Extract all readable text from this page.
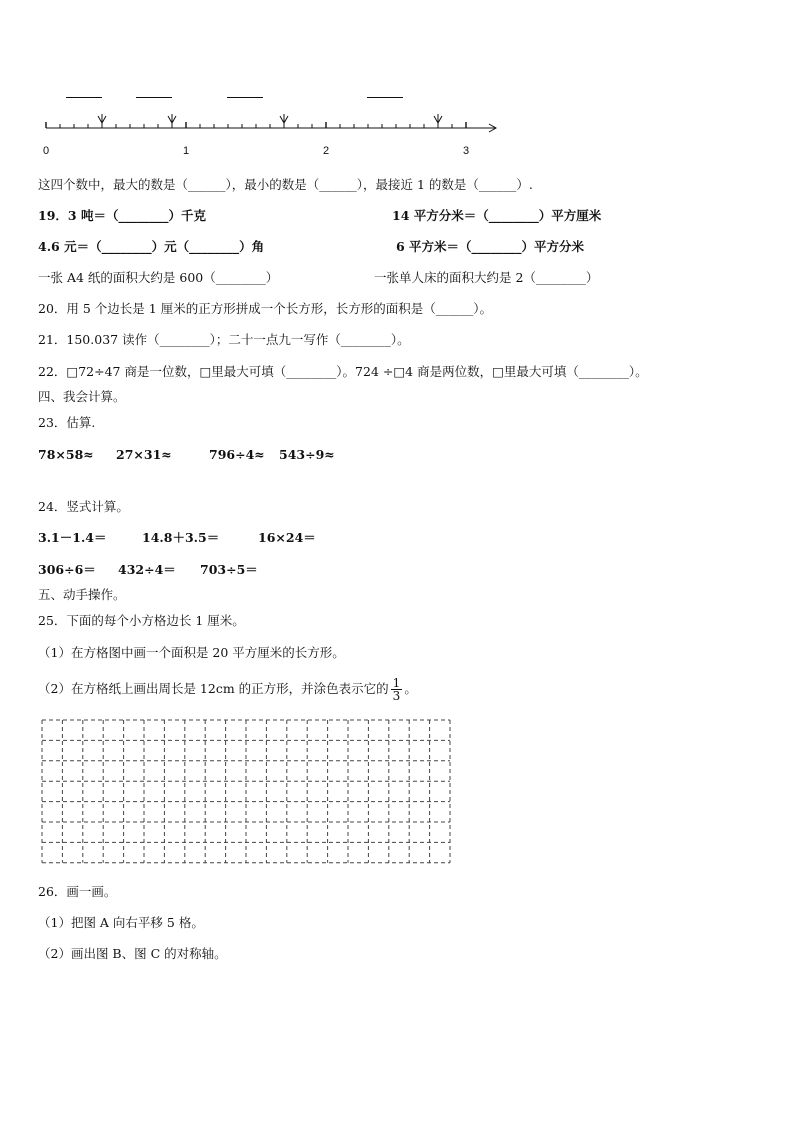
0	1	2	3
这四个数中，最大的数是（______），最小的数是（______），最接近 1 的数是（______）.
19．3 吨＝（________）千克	14 平方分米＝（________）平方厘米
4.6 元＝（________）元（________）角	6 平方米＝（________）平方分米
一张 A4 纸的面积大约是 600（________）	一张单人床的面积大约是 2（________）
20．用 5 个边长是 1 厘米的正方形拼成一个长方形，长方形的面积是（______）。
21．150.037 读作（________）；二十一点九一写作（________）。
22．□72÷47 商是一位数，□里最大可填（________）。724 ÷□4 商是两位数，□里最大可填（________）。
四、我会计算。
23．估算.
78×58≈ 27×31≈	796÷4≈ 543÷9≈
24．竖式计算。
3.1－1.4＝	14.8＋3.5＝	16×24＝
306÷6＝ 432÷4＝ 703÷5＝
五、动手操作。
25．下面的每个小方格边长 1 厘米。
（1）在方格图中画一个面积是 20 平方厘米的长方形。
（2）在方格纸上画出周长是 12cm 的正方形，并涂色表示它的 $\frac{1}{3}$ 。
26．画一画。
（1）把图 A 向右平移 5 格。
（2）画出图 B、图 C 的对称轴。
